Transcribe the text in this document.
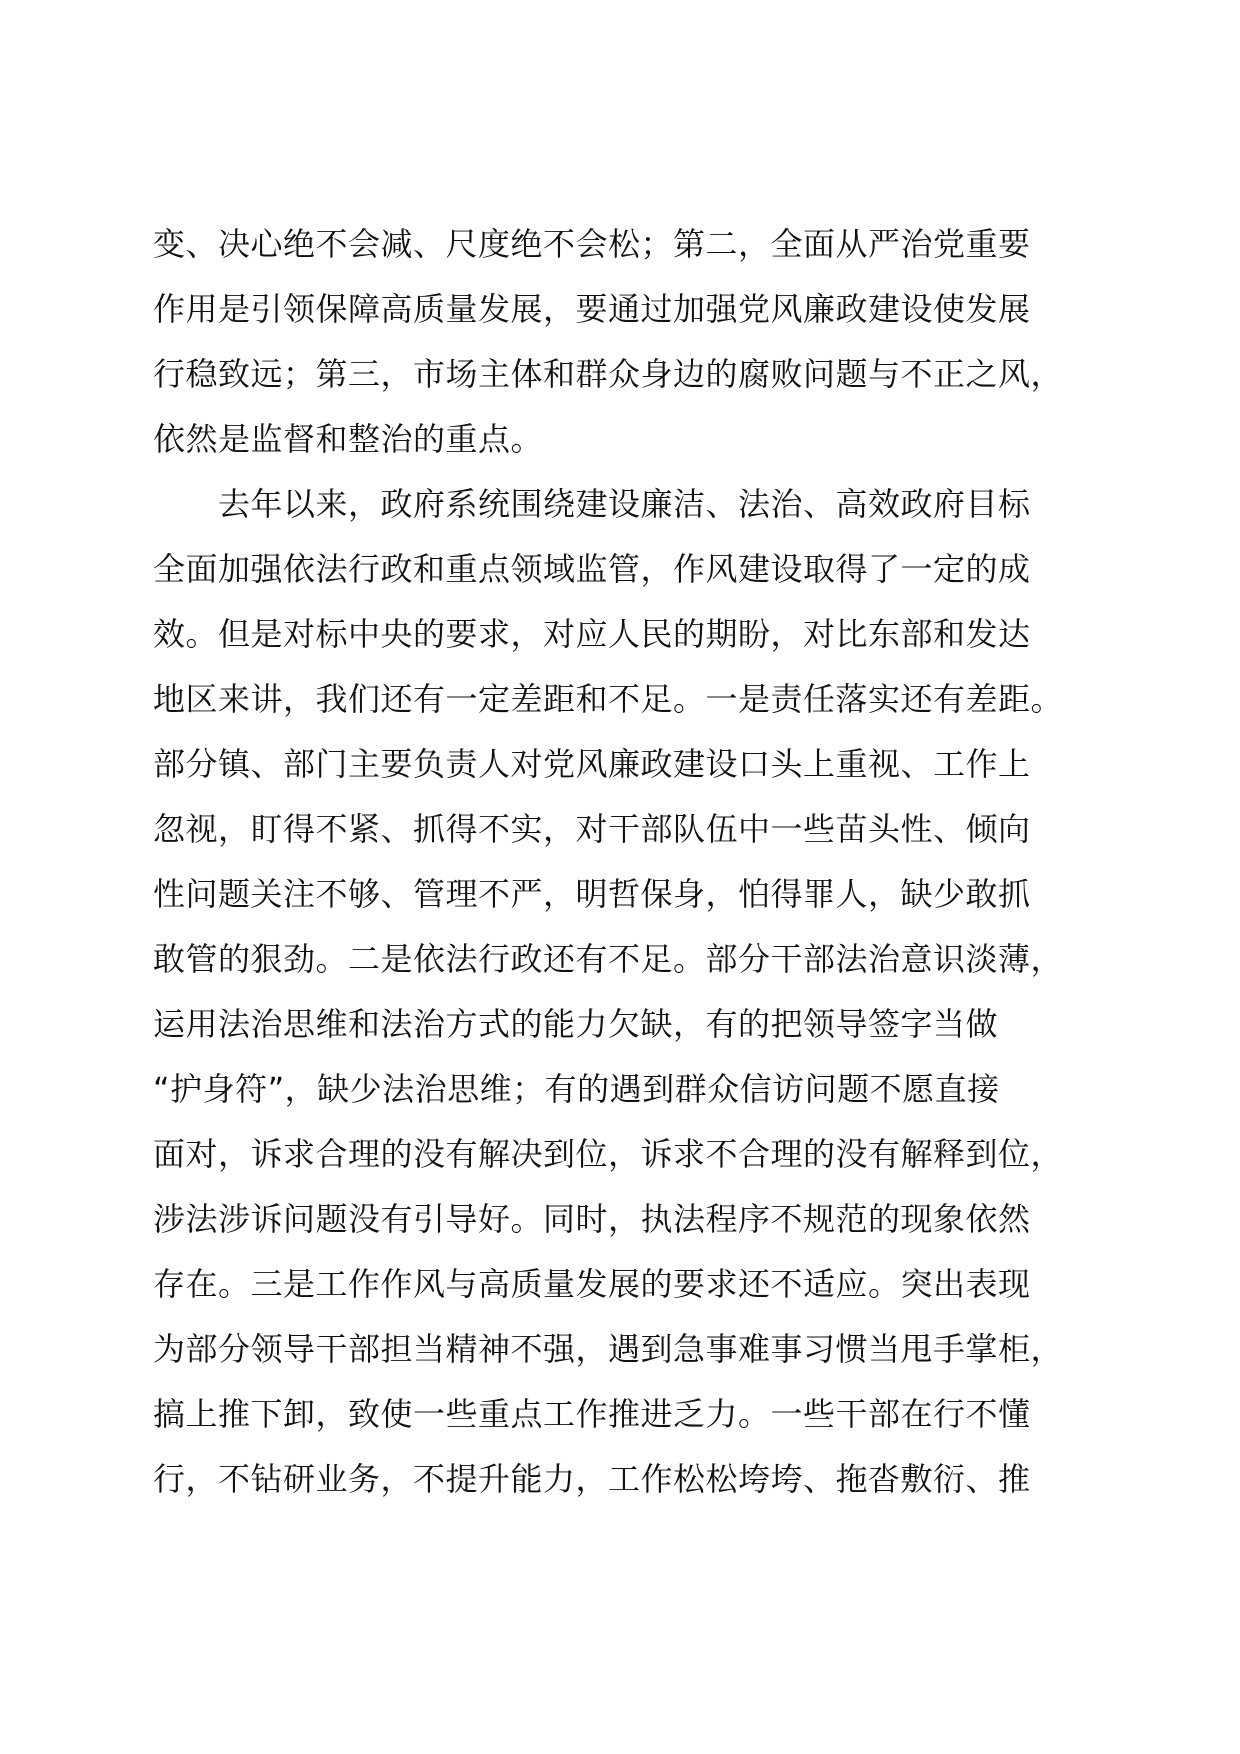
变、决心绝不会减、尺度绝不会松；第二，全面从严治党重要
作用是引领保障高质量发展，要通过加强党风廉政建设使发展
行稳致远；第三，市场主体和群众身边的腐败问题与不正之风，
依然是监督和整治的重点。
　　去年以来，政府系统围绕建设廉洁、法治、高效政府目标
全面加强依法行政和重点领域监管，作风建设取得了一定的成
效。但是对标中央的要求，对应人民的期盼，对比东部和发达
地区来讲，我们还有一定差距和不足。一是责任落实还有差距。
部分镇、部门主要负责人对党风廉政建设口头上重视、工作上
忽视，盯得不紧、抓得不实，对干部队伍中一些苗头性、倾向
性问题关注不够、管理不严，明哲保身，怕得罪人，缺少敢抓
敢管的狠劲。二是依法行政还有不足。部分干部法治意识淡薄，
运用法治思维和法治方式的能力欠缺，有的把领导签字当做
“护身符”，缺少法治思维；有的遇到群众信访问题不愿直接
面对，诉求合理的没有解决到位，诉求不合理的没有解释到位，
涉法涉诉问题没有引导好。同时，执法程序不规范的现象依然
存在。三是工作作风与高质量发展的要求还不适应。突出表现
为部分领导干部担当精神不强，遇到急事难事习惯当甩手掌柜，
搞上推下卸，致使一些重点工作推进乏力。一些干部在行不懂
行，不钻研业务，不提升能力，工作松松垮垮、拖沓敷衍、推
